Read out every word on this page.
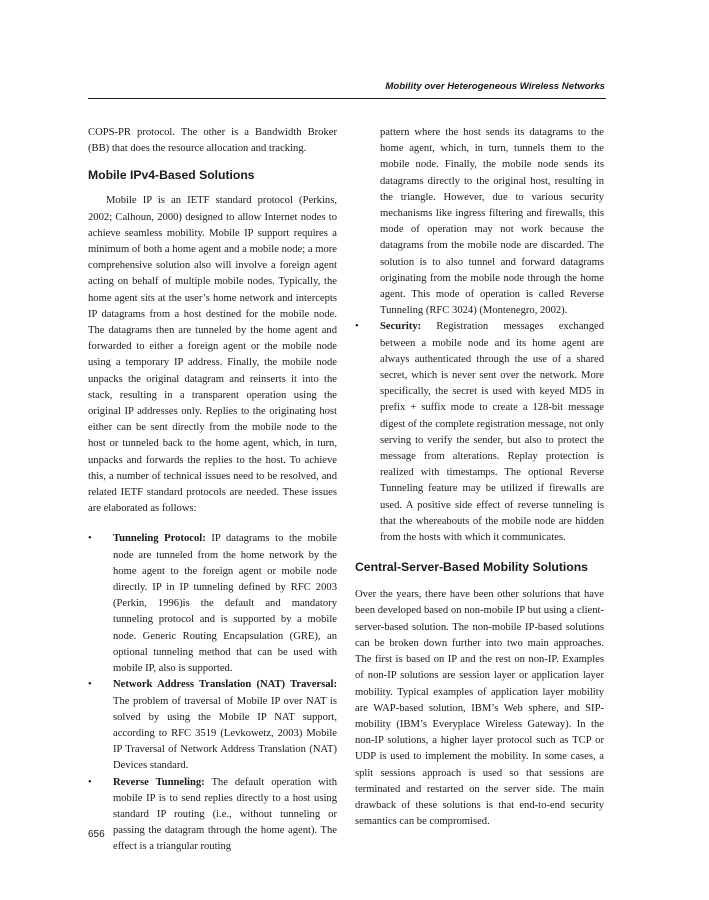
Mobility over Heterogeneous Wireless Networks

COPS-PR protocol. The other is a Bandwidth Broker (BB) that does the resource allocation and tracking.

Mobile IPv4-Based Solutions

Mobile IP is an IETF standard protocol (Perkins, 2002; Calhoun, 2000) designed to allow Internet nodes to achieve seamless mobility. Mobile IP support requires a minimum of both a home agent and a mobile node; a more comprehensive solution also will involve a foreign agent acting on behalf of multiple mobile nodes. Typically, the home agent sits at the user’s home network and intercepts IP datagrams from a host destined for the mobile node. The datagrams then are tunneled by the home agent and forwarded to either a foreign agent or the mobile node using a temporary IP address. Finally, the mobile node unpacks the original datagram and reinserts it into the stack, resulting in a transparent operation using the original IP addresses only. Replies to the originating host either can be sent directly from the mobile node to the host or tunneled back to the home agent, which, in turn, unpacks and forwards the replies to the host. To achieve this, a number of technical issues need to be resolved, and related IETF standard protocols are needed. These issues are elaborated as follows:

• Tunneling Protocol: IP datagrams to the mobile node are tunneled from the home network by the home agent to the foreign agent or mobile node directly. IP in IP tunneling defined by RFC 2003 (Perkin, 1996)is the default and mandatory tunneling protocol and is supported by a mobile node. Generic Routing Encapsulation (GRE), an optional tunneling method that can be used with mobile IP, also is supported.
• Network Address Translation (NAT) Traversal: The problem of traversal of Mobile IP over NAT is solved by using the Mobile IP NAT support, according to RFC 3519 (Levkowetz, 2003) Mobile IP Traversal of Network Address Translation (NAT) Devices standard.
• Reverse Tunneling: The default operation with mobile IP is to send replies directly to a host using standard IP routing (i.e., without tunneling or passing the datagram through the home agent). The effect is a triangular routing
pattern where the host sends its datagrams to the home agent, which, in turn, tunnels them to the mobile node. Finally, the mobile node sends its datagrams directly to the original host, resulting in the triangle. However, due to various security mechanisms like ingress filtering and firewalls, this mode of operation may not work because the datagrams from the mobile node are discarded. The solution is to also tunnel and forward datagrams originating from the mobile node through the home agent. This mode of operation is called Reverse Tunneling (RFC 3024) (Montenegro, 2002).
• Security: Registration messages exchanged between a mobile node and its home agent are always authenticated through the use of a shared secret, which is never sent over the network. More specifically, the secret is used with keyed MD5 in prefix + suffix mode to create a 128-bit message digest of the complete registration message, not only serving to verify the sender, but also to protect the message from alterations. Replay protection is realized with timestamps. The optional Reverse Tunneling feature may be utilized if firewalls are used. A positive side effect of reverse tunneling is that the whereabouts of the mobile node are hidden from the hosts with which it communicates.
Central-Server-Based Mobility Solutions

Over the years, there have been other solutions that have been developed based on non-mobile IP but using a client-server-based solution. The non-mobile IP-based solutions can be broken down further into two main approaches. The first is based on IP and the rest on non-IP. Examples of non-IP solutions are session layer or application layer mobility. Typical examples of application layer mobility are WAP-based solution, IBM’s Web sphere, and SIP-mobility (IBM’s Everyplace Wireless Gateway). In the non-IP solutions, a higher layer protocol such as TCP or UDP is used to implement the mobility. In some cases, a split sessions approach is used so that sessions are terminated and restarted on the server side. The main drawback of these solutions is that end-to-end security semantics can be compromised.

656
